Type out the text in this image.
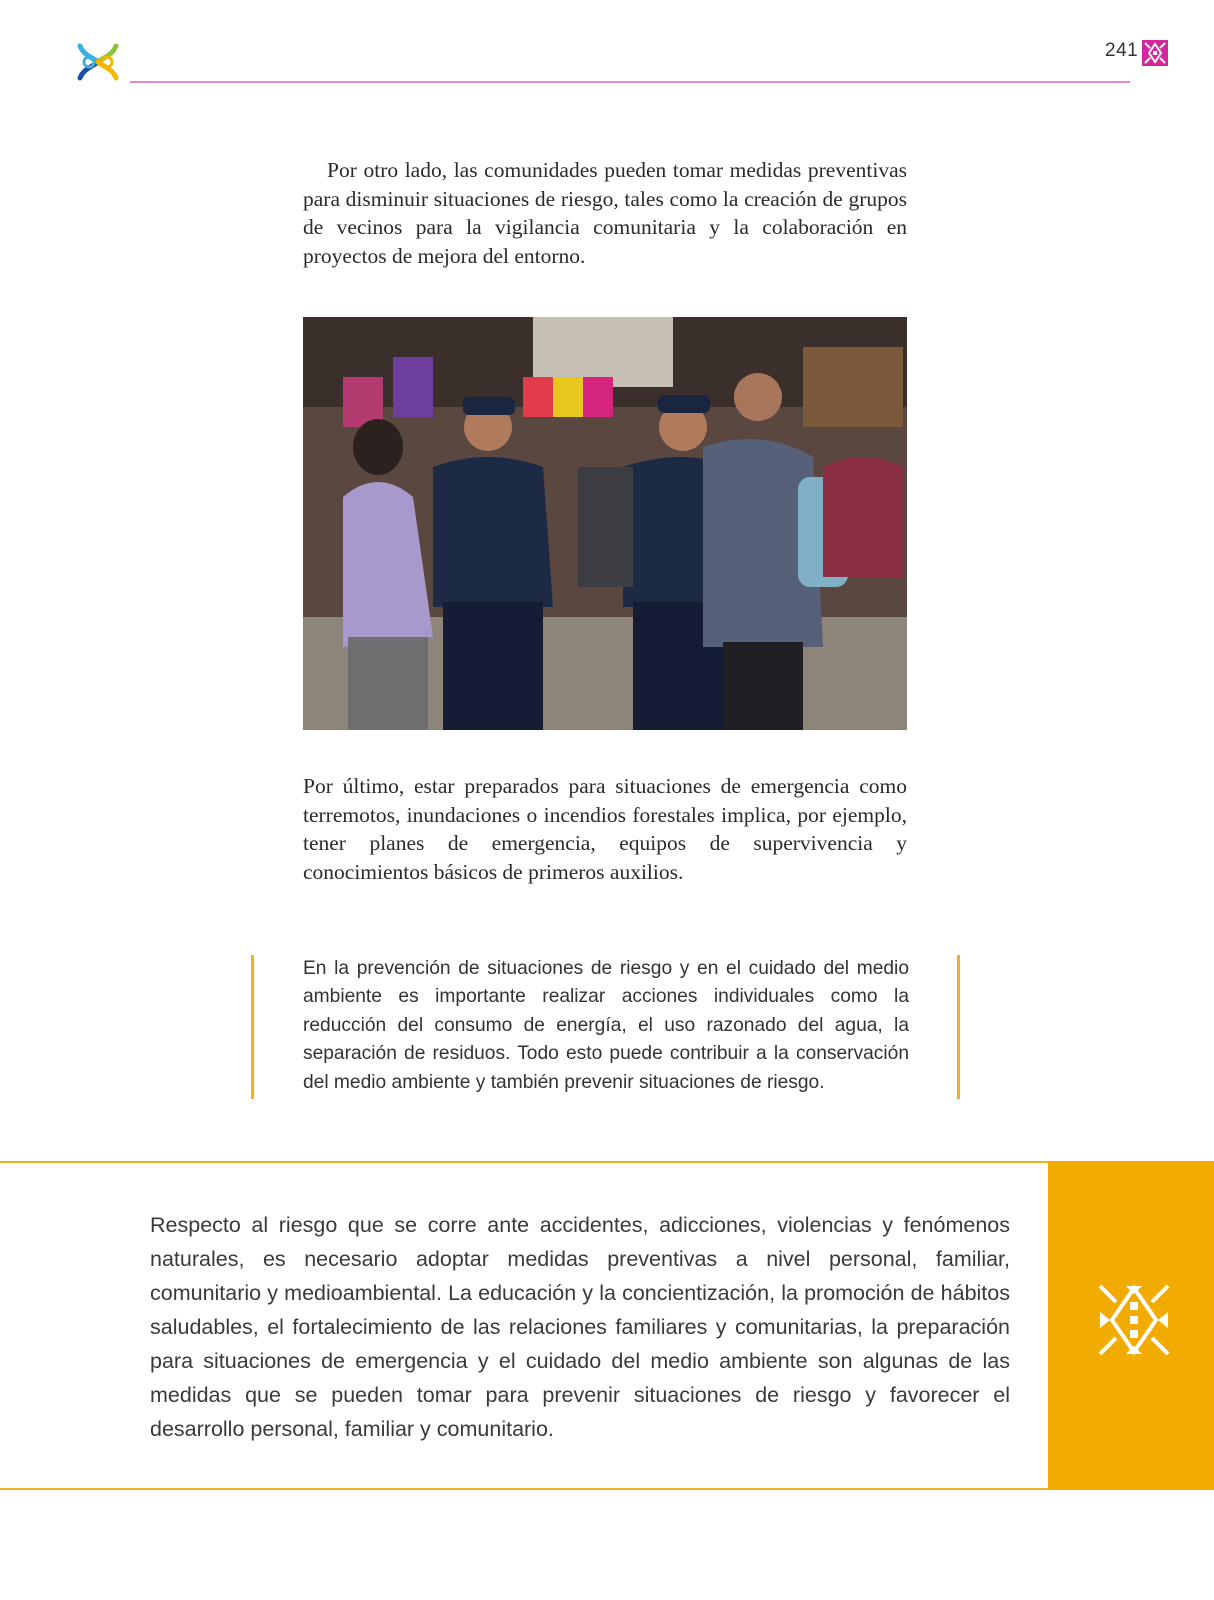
241

Por otro lado, las comunidades pueden tomar medidas preventivas para disminuir situaciones de riesgo, tales como la creación de grupos de vecinos para la vigilancia comunitaria y la colaboración en proyectos de mejora del entorno.

Por último, estar preparados para situaciones de emergencia como terremotos, inundaciones o incendios forestales implica, por ejemplo, tener planes de emergencia, equipos de supervivencia y conocimientos básicos de primeros auxilios.

En la prevención de situaciones de riesgo y en el cuidado del medio ambiente es importante realizar acciones individuales como la reducción del consumo de energía, el uso razonado del agua, la separación de residuos. Todo esto puede contribuir a la conservación del medio ambiente y también prevenir situaciones de riesgo.

Respecto al riesgo que se corre ante accidentes, adicciones, violencias y fenómenos naturales, es necesario adoptar medidas preventivas a nivel personal, familiar, comunitario y medioambiental. La educación y la concientización, la promoción de hábitos saludables, el fortalecimiento de las relaciones familiares y comunitarias, la preparación para situaciones de emergencia y el cuidado del medio ambiente son algunas de las medidas que se pueden tomar para prevenir situaciones de riesgo y favorecer el desarrollo personal, familiar y comunitario.
